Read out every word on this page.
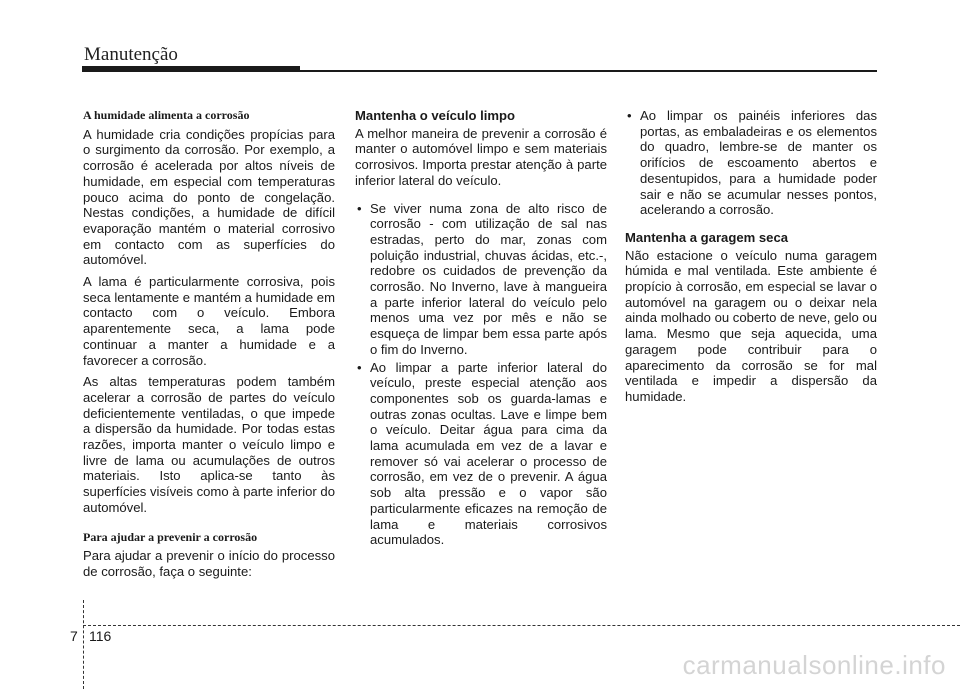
Manutenção
A humidade alimenta a corrosão

A humidade cria condições propícias para o surgimento da corrosão. Por exemplo, a corrosão é acelerada por altos níveis de humidade, em especial com temperaturas pouco acima do ponto de congelação. Nestas condições, a humidade de difícil evaporação mantém o material corrosivo em contacto com as superfícies do automóvel.

A lama é particularmente corrosiva, pois seca lentamente e mantém a humidade em contacto com o veículo. Embora aparentemente seca, a lama pode continuar a manter a humidade e a favorecer a corrosão.

As altas temperaturas podem também acelerar a corrosão de partes do veículo deficientemente ventiladas, o que impede a dispersão da humidade. Por todas estas razões, importa manter o veículo limpo e livre de lama ou acumulações de outros materiais. Isto aplica-se tanto às superfícies visíveis como à parte inferior do automóvel.

Para ajudar a prevenir a corrosão

Para ajudar a prevenir o início do processo de corrosão, faça o seguinte:

Mantenha o veículo limpo

A melhor maneira de prevenir a corrosão é manter o automóvel limpo e sem materiais corrosivos. Importa prestar atenção à parte inferior lateral do veículo.

• Se viver numa zona de alto risco de corrosão - com utilização de sal nas estradas, perto do mar, zonas com poluição industrial, chuvas ácidas, etc.-, redobre os cuidados de prevenção da corrosão. No Inverno, lave à mangueira a parte inferior lateral do veículo pelo menos uma vez por mês e não se esqueça de limpar bem essa parte após o fim do Inverno.
• Ao limpar a parte inferior lateral do veículo, preste especial atenção aos componentes sob os guarda-lamas e outras zonas ocultas. Lave e limpe bem o veículo. Deitar água para cima da lama acumulada em vez de a lavar e remover só vai acelerar o processo de corrosão, em vez de o prevenir. A água sob alta pressão e o vapor são particularmente eficazes na remoção de lama e materiais corrosivos acumulados.
• Ao limpar os painéis inferiores das portas, as embaladeiras e os elementos do quadro, lembre-se de manter os orifícios de escoamento abertos e desentupidos, para a humidade poder sair e não se acumular nesses pontos, acelerando a corrosão.
Mantenha a garagem seca

Não estacione o veículo numa garagem húmida e mal ventilada. Este ambiente é propício à corrosão, em especial se lavar o automóvel na garagem ou o deixar nela ainda molhado ou coberto de neve, gelo ou lama. Mesmo que seja aquecida, uma garagem pode contribuir para o aparecimento da corrosão se for mal ventilada e impedir a dispersão da humidade.

7 116
carmanualsonline.info
